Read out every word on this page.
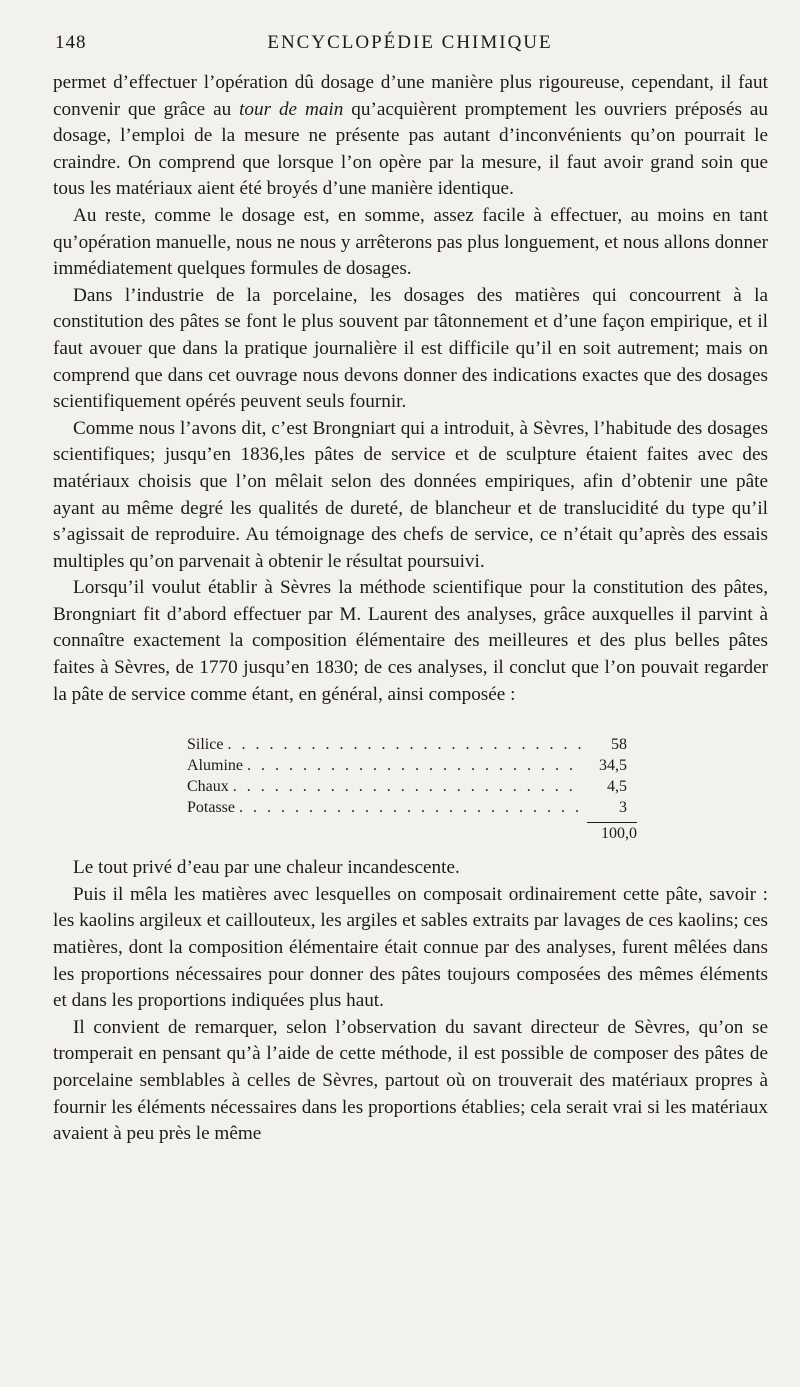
148	ENCYCLOPÉDIE CHIMIQUE

permet d’effectuer l’opération dû dosage d’une manière plus rigoureuse, cependant, il faut convenir que grâce au tour de main qu’acquièrent promptement les ouvriers préposés au dosage, l’emploi de la mesure ne présente pas autant d’inconvénients qu’on pourrait le craindre. On comprend que lorsque l’on opère par la mesure, il faut avoir grand soin que tous les matériaux aient été broyés d’une manière identique.

Au reste, comme le dosage est, en somme, assez facile à effectuer, au moins en tant qu’opération manuelle, nous ne nous y arrêterons pas plus longuement, et nous allons donner immédiatement quelques formules de dosages.

Dans l’industrie de la porcelaine, les dosages des matières qui concourrent à la constitution des pâtes se font le plus souvent par tâtonnement et d’une façon empirique, et il faut avouer que dans la pratique journalière il est difficile qu’il en soit autrement; mais on comprend que dans cet ouvrage nous devons donner des indications exactes que des dosages scientifiquement opérés peuvent seuls fournir.

Comme nous l’avons dit, c’est Brongniart qui a introduit, à Sèvres, l’habitude des dosages scientifiques; jusqu’en 1836,les pâtes de service et de sculpture étaient faites avec des matériaux choisis que l’on mêlait selon des données empiriques, afin d’obtenir une pâte ayant au même degré les qualités de dureté, de blancheur et de translucidité du type qu’il s’agissait de reproduire. Au témoignage des chefs de service, ce n’était qu’après des essais multiples qu’on parvenait à obtenir le résultat poursuivi.

Lorsqu’il voulut établir à Sèvres la méthode scientifique pour la constitution des pâtes, Brongniart fit d’abord effectuer par M. Laurent des analyses, grâce auxquelles il parvint à connaître exactement la composition élémentaire des meilleures et des plus belles pâtes faites à Sèvres, de 1770 jusqu’en 1830; de ces analyses, il conclut que l’on pouvait regarder la pâte de service comme étant, en général, ainsi composée :

Silice . . .	58
Alumine . . .	34,5
Chaux . . .	4,5
Potasse . . .	3
100,0

Le tout privé d’eau par une chaleur incandescente.

Puis il mêla les matières avec lesquelles on composait ordinairement cette pâte, savoir : les kaolins argileux et caillouteux, les argiles et sables extraits par lavages de ces kaolins; ces matières, dont la composition élémentaire était connue par des analyses, furent mêlées dans les proportions nécessaires pour donner des pâtes toujours composées des mêmes éléments et dans les proportions indiquées plus haut.

Il convient de remarquer, selon l’observation du savant directeur de Sèvres, qu’on se tromperait en pensant qu’à l’aide de cette méthode, il est possible de composer des pâtes de porcelaine semblables à celles de Sèvres, partout où on trouverait des matériaux propres à fournir les éléments nécessaires dans les proportions établies; cela serait vrai si les matériaux avaient à peu près le même
